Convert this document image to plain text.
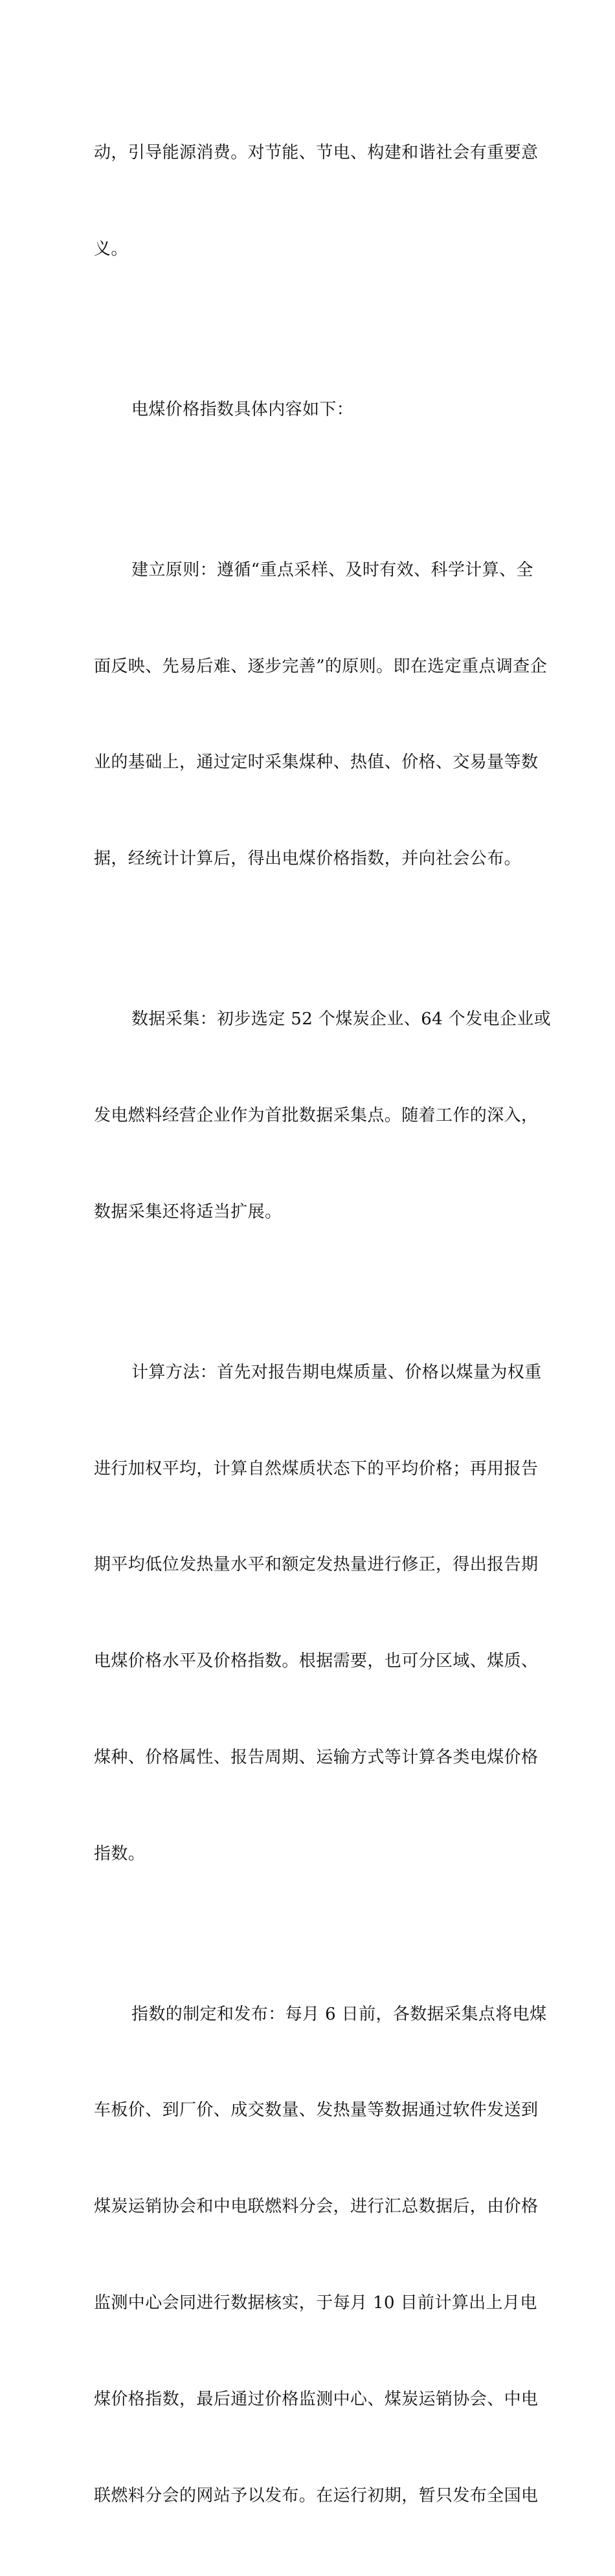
动，引导能源消费。对节能、节电、构建和谐社会有重要意

义。

电煤价格指数具体内容如下：

建立原则：遵循“重点采样、及时有效、科学计算、全

面反映、先易后难、逐步完善”的原则。即在选定重点调查企

业的基础上，通过定时采集煤种、热值、价格、交易量等数

据，经统计计算后，得出电煤价格指数，并向社会公布。

数据采集：初步选定 52 个煤炭企业、64 个发电企业或

发电燃料经营企业作为首批数据采集点。随着工作的深入，

数据采集还将适当扩展。

计算方法：首先对报告期电煤质量、价格以煤量为权重

进行加权平均，计算自然煤质状态下的平均价格；再用报告

期平均低位发热量水平和额定发热量进行修正，得出报告期

电煤价格水平及价格指数。根据需要，也可分区域、煤质、

煤种、价格属性、报告周期、运输方式等计算各类电煤价格

指数。

指数的制定和发布：每月 6 日前，各数据采集点将电煤

车板价、到厂价、成交数量、发热量等数据通过软件发送到

煤炭运销协会和中电联燃料分会，进行汇总数据后，由价格

监测中心会同进行数据核实，于每月 10 目前计算出上月电

煤价格指数，最后通过价格监测中心、煤炭运销协会、中电

联燃料分会的网站予以发布。在运行初期，暂只发布全国电
